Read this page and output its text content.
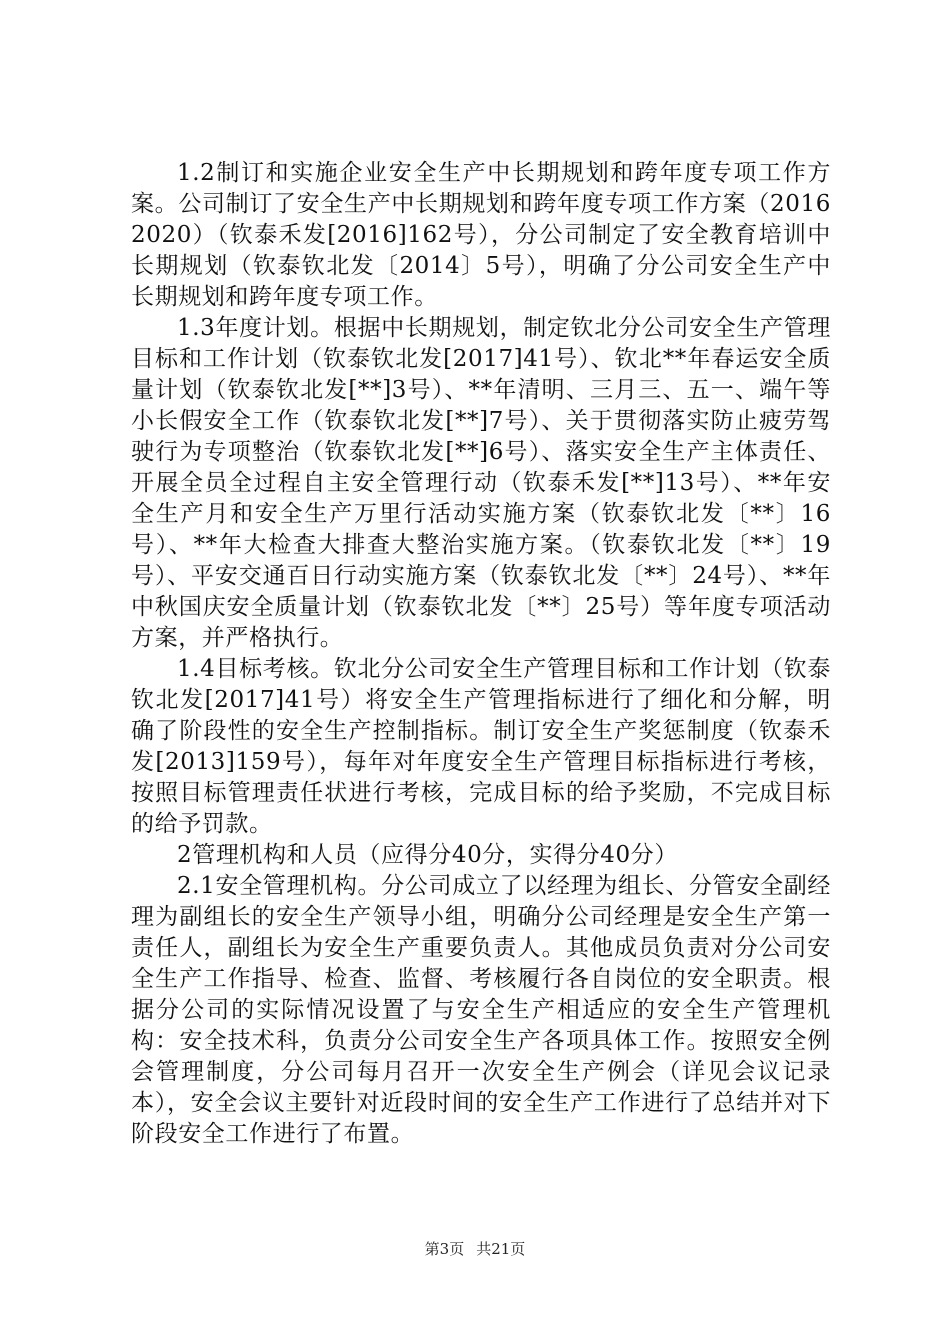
1.2制订和实施企业安全生产中长期规划和跨年度专项工作方案。公司制订了安全生产中长期规划和跨年度专项工作方案（20162020）（钦泰禾发[2016]162号），分公司制定了安全教育培训中长期规划（钦泰钦北发〔2014〕5号），明确了分公司安全生产中长期规划和跨年度专项工作。

1.3年度计划。根据中长期规划，制定钦北分公司安全生产管理目标和工作计划（钦泰钦北发[2017]41号）、钦北**年春运安全质量计划（钦泰钦北发[**]3号）、**年清明、三月三、五一、端午等小长假安全工作（钦泰钦北发[**]7号）、关于贯彻落实防止疲劳驾驶行为专项整治（钦泰钦北发[**]6号）、落实安全生产主体责任、开展全员全过程自主安全管理行动（钦泰禾发[**]13号）、**年安全生产月和安全生产万里行活动实施方案（钦泰钦北发〔**〕16号）、**年大检查大排查大整治实施方案。（钦泰钦北发〔**〕19号）、平安交通百日行动实施方案（钦泰钦北发〔**〕24号）、**年中秋国庆安全质量计划（钦泰钦北发〔**〕25号）等年度专项活动方案，并严格执行。

1.4目标考核。钦北分公司安全生产管理目标和工作计划（钦泰钦北发[2017]41号）将安全生产管理指标进行了细化和分解，明确了阶段性的安全生产控制指标。制订安全生产奖惩制度（钦泰禾发[2013]159号），每年对年度安全生产管理目标指标进行考核，按照目标管理责任状进行考核，完成目标的给予奖励，不完成目标的给予罚款。

2管理机构和人员（应得分40分，实得分40分）

2.1安全管理机构。分公司成立了以经理为组长、分管安全副经理为副组长的安全生产领导小组，明确分公司经理是安全生产第一责任人，副组长为安全生产重要负责人。其他成员负责对分公司安全生产工作指导、检查、监督、考核履行各自岗位的安全职责。根据分公司的实际情况设置了与安全生产相适应的安全生产管理机构：安全技术科，负责分公司安全生产各项具体工作。按照安全例会管理制度，分公司每月召开一次安全生产例会（详见会议记录本），安全会议主要针对近段时间的安全生产工作进行了总结并对下阶段安全工作进行了布置。

第3页 共21页
